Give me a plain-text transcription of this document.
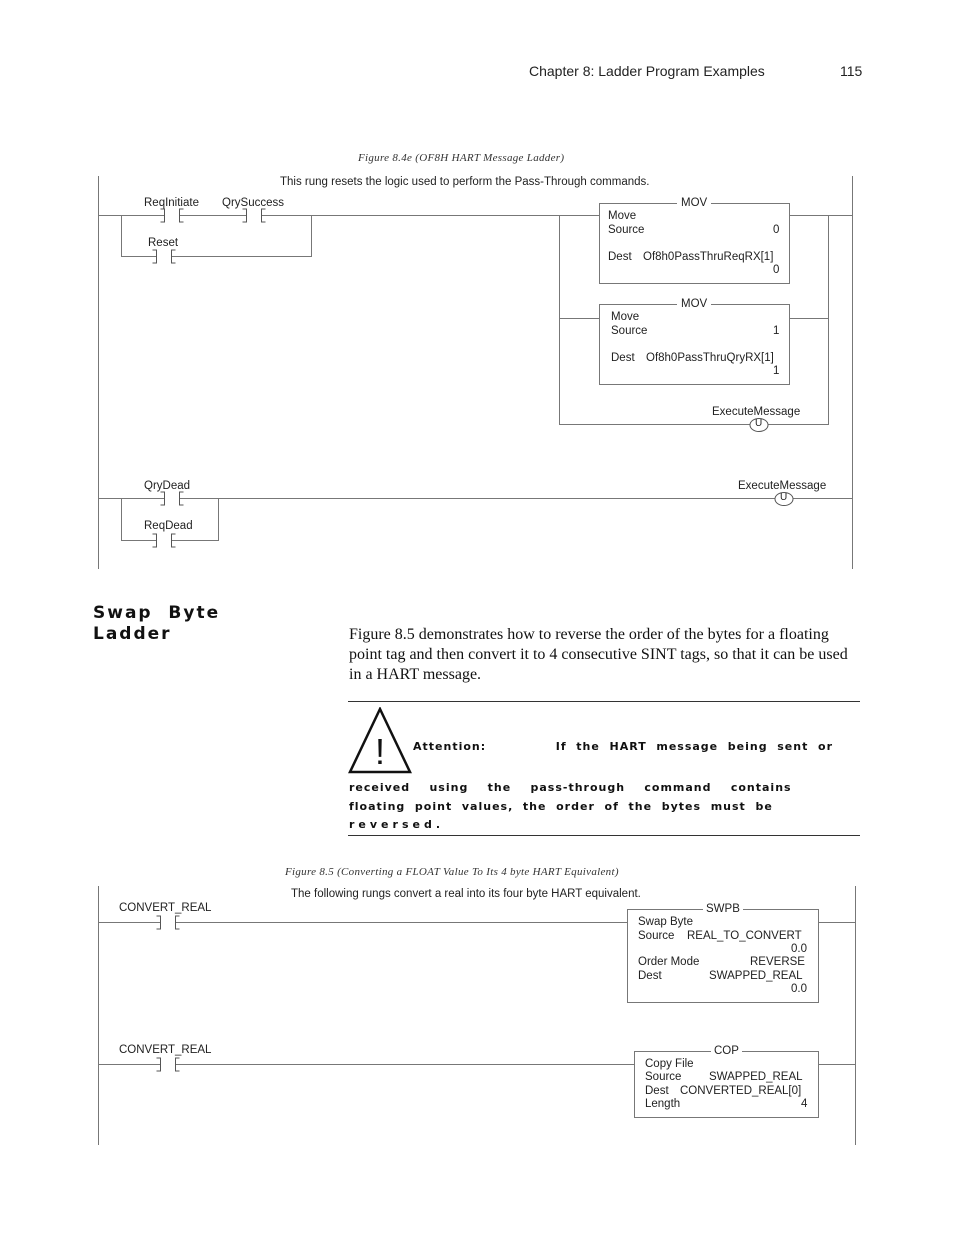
Chapter 8: Ladder Program Examples	115
Figure 8.4e (OF8H HART Message Ladder)
This rung resets the logic used to perform the Pass-Through commands.
ReqInitiate QrySuccess
Reset
MOV
Move
Source	0
Dest Of8h0PassThruReqRX[1]
0
MOV
Move
Source	1
Dest Of8h0PassThruQryRX[1]
1
ExecuteMessage
U
QryDead	ExecuteMessage
U
ReqDead
Swap  Byte
Ladder	Figure 8.5 demonstrates how to reverse the order of the bytes for a floating point tag and then convert it to 4 consecutive SINT tags, so that it can be used in a HART message.
!	Attention:	If  the  HART  message  being  sent  or
received    using    the    pass-through    command    contains
floating  point  values,  the  order  of  the  bytes  must  be
reversed.
Figure 8.5 (Converting a FLOAT Value To Its 4 byte HART Equivalent)
The following rungs convert a real into its four byte HART equivalent.
CONVERT_REAL	SWPB
Swap Byte
Source REAL_TO_CONVERT
0.0
Order Mode	REVERSE
Dest	SWAPPED_REAL
0.0
CONVERT_REAL	COP
Copy File
Source SWAPPED_REAL
Dest CONVERTED_REAL[0]
Length	4
